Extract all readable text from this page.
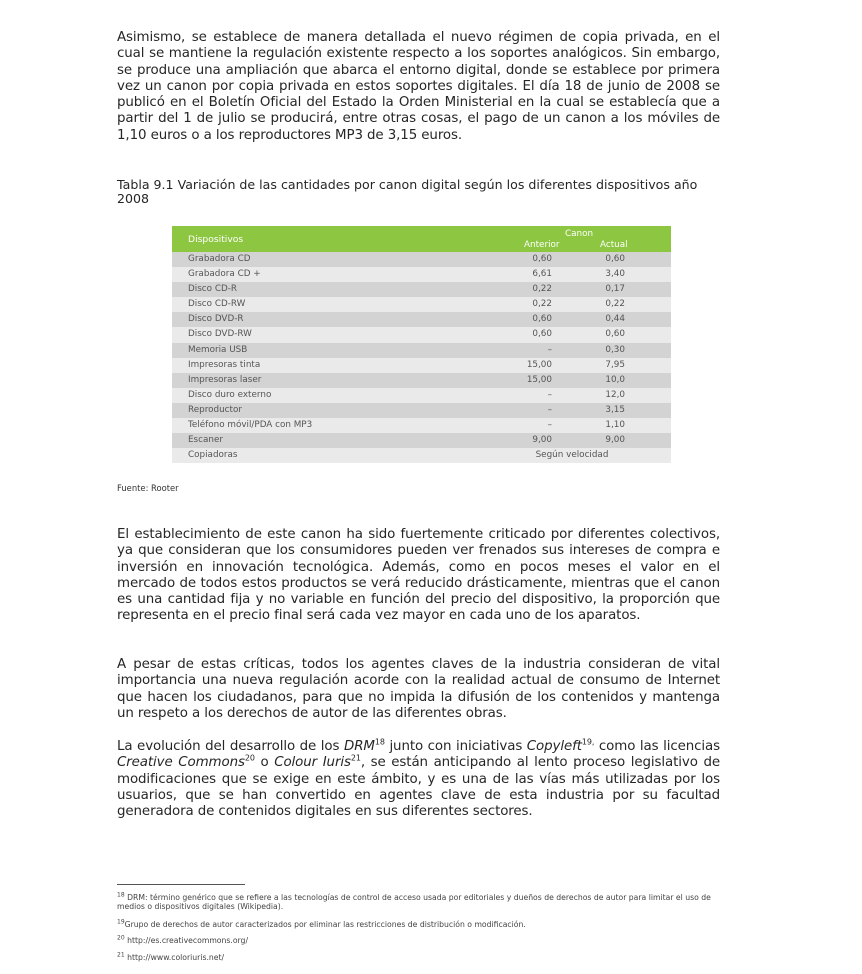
Asimismo, se establece de manera detallada el nuevo régimen de copia privada, en el cual se mantiene la regulación existente respecto a los soportes analógicos. Sin embargo, se produce una ampliación que abarca el entorno digital, donde se establece por primera vez un canon por copia privada en estos soportes digitales. El día 18 de junio de 2008 se publicó en el Boletín Oficial del Estado la Orden Ministerial en la cual se establecía que a partir del 1 de julio se producirá, entre otras cosas, el pago de un canon a los móviles de 1,10 euros o a los reproductores MP3 de 3,15 euros.

Tabla 9.1 Variación de las cantidades por canon digital según los diferentes dispositivos año 2008
Dispositivos	Canon
Anterior	Actual
Grabadora CD	0,60	0,60
Grabadora CD +	6,61	3,40
Disco CD-R	0,22	0,17
Disco CD-RW	0,22	0,22
Disco DVD-R	0,60	0,44
Disco DVD-RW	0,60	0,60
Memoria USB	–	0,30
Impresoras tinta	15,00	7,95
Impresoras laser	15,00	10,0
Disco duro externo	–	12,0
Reproductor	–	3,15
Teléfono móvil/PDA con MP3	–	1,10
Escaner	9,00	9,00
Copiadoras	Según velocidad
Fuente: Rooter

El establecimiento de este canon ha sido fuertemente criticado por diferentes colectivos, ya que consideran que los consumidores pueden ver frenados sus intereses de compra e inversión en innovación tecnológica. Además, como en pocos meses el valor en el mercado de todos estos productos se verá reducido drásticamente, mientras que el canon es una cantidad fija y no variable en función del precio del dispositivo, la proporción que representa en el precio final será cada vez mayor en cada uno de los aparatos.

A pesar de estas críticas, todos los agentes claves de la industria consideran de vital importancia una nueva regulación acorde con la realidad actual de consumo de Internet que hacen los ciudadanos, para que no impida la difusión de los contenidos y mantenga un respeto a los derechos de autor de las diferentes obras.

La evolución del desarrollo de los DRM$^{18}$ junto con iniciativas Copyleft$^{19,}$ como las licencias Creative Commons$^{20}$ o Colour Iuris$^{21}$, se están anticipando al lento proceso legislativo de modificaciones que se exige en este ámbito, y es una de las vías más utilizadas por los usuarios, que se han convertido en agentes clave de esta industria por su facultad generadora de contenidos digitales en sus diferentes sectores.

$^{18}$ DRM: término genérico que se refiere a las tecnologías de control de acceso usada por editoriales y dueños de derechos de autor para limitar el uso de medios o dispositivos digitales (Wikipedia).
$^{19}$Grupo de derechos de autor caracterizados por eliminar las restricciones de distribución o modificación.
$^{20}$ http://es.creativecommons.org/
$^{21}$ http://www.coloriuris.net/
